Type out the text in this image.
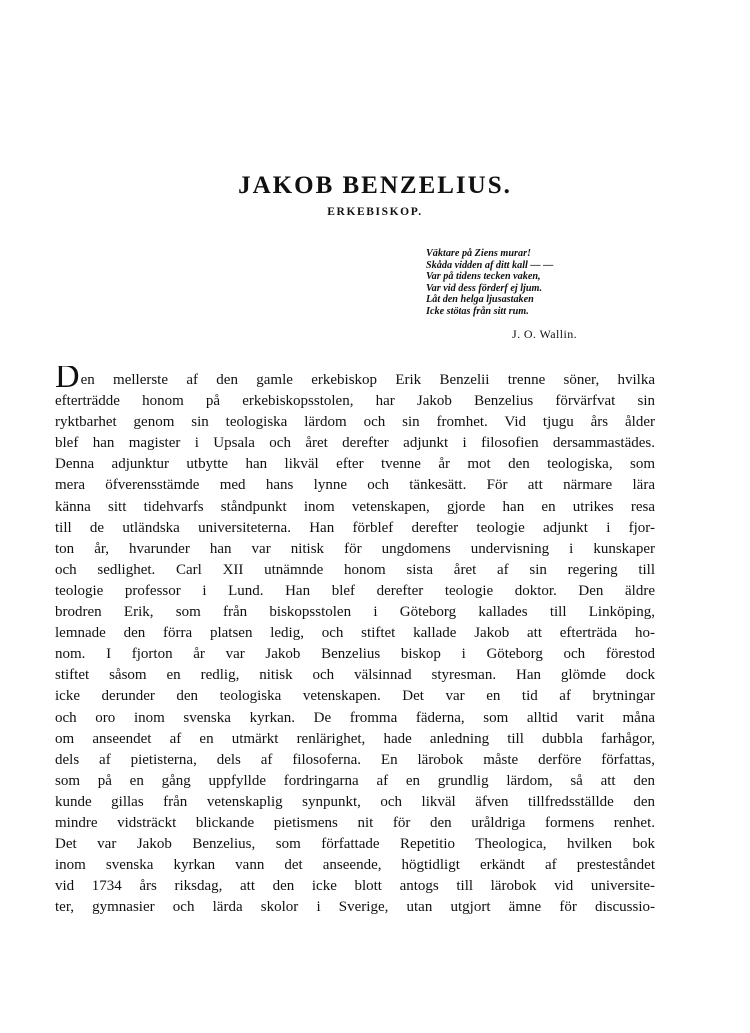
JAKOB BENZELIUS.
ERKEBISKOP.
Väktare på Ziens murar!
Skåda vidden af ditt kall — —
Var på tidens tecken vaken,
Var vid dess förderf ej ljum.
Låt den helga ljusastaken
Icke stötas från sitt rum.
J. O. Wallin.
Den mellerste af den gamle erkebiskop Erik Benzelii trenne söner, hvilka
efterträdde honom på erkebiskopsstolen, har Jakob Benzelius förvärfvat sin
ryktbarhet genom sin teologiska lärdom och sin fromhet. Vid tjugu års ålder
blef han magister i Upsala och året derefter adjunkt i filosofien dersammastädes.
Denna adjunktur utbytte han likväl efter tvenne år mot den teologiska, som
mera öfverensstämde med hans lynne och tänkesätt. För att närmare lära
känna sitt tidehvarfs ståndpunkt inom vetenskapen, gjorde han en utrikes resa
till de utländska universiteterna. Han förblef derefter teologie adjunkt i fjor-
ton år, hvarunder han var nitisk för ungdomens undervisning i kunskaper
och sedlighet. Carl XII utnämnde honom sista året af sin regering till
teologie professor i Lund. Han blef derefter teologie doktor. Den äldre
brodren Erik, som från biskopsstolen i Göteborg kallades till Linköping,
lemnade den förra platsen ledig, och stiftet kallade Jakob att efterträda ho-
nom. I fjorton år var Jakob Benzelius biskop i Göteborg och förestod
stiftet såsom en redlig, nitisk och välsinnad styresman. Han glömde dock
icke derunder den teologiska vetenskapen. Det var en tid af brytningar
och oro inom svenska kyrkan. De fromma fäderna, som alltid varit måna
om anseendet af en utmärkt renlärighet, hade anledning till dubbla farhågor,
dels af pietisterna, dels af filosoferna. En lärobok måste derföre författas,
som på en gång uppfyllde fordringarna af en grundlig lärdom, så att den
kunde gillas från vetenskaplig synpunkt, och likväl äfven tillfredsställde den
mindre vidsträckt blickande pietismens nit för den uråldriga formens renhet.
Det var Jakob Benzelius, som författade Repetitio Theologica, hvilken bok
inom svenska kyrkan vann det anseende, högtidligt erkändt af prestеståndet
vid 1734 års riksdag, att den icke blott antogs till lärobok vid universite-
ter, gymnasier och lärda skolor i Sverige, utan utgjort ämne för discussio-
